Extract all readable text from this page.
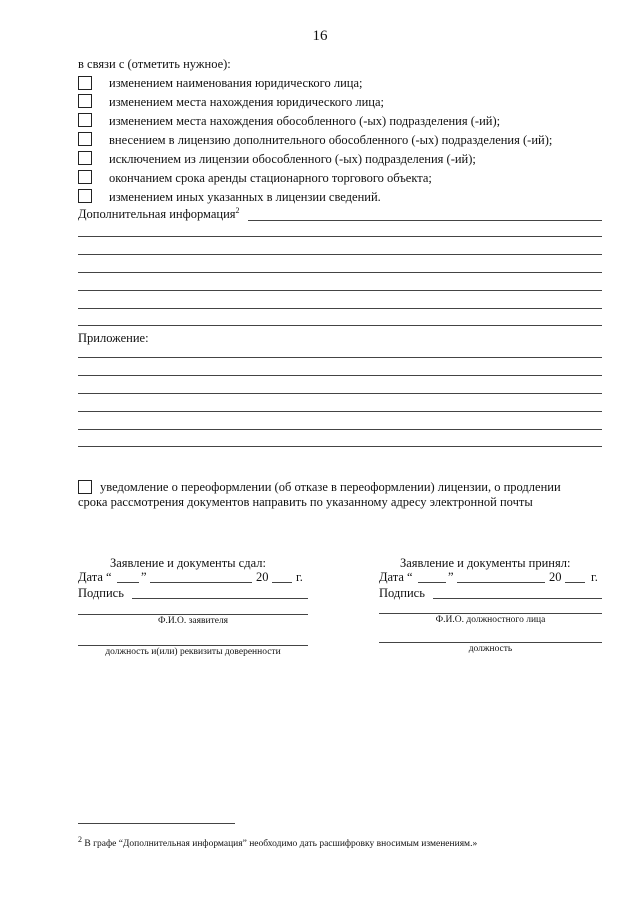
16
в связи с (отметить нужное):
изменением наименования юридического лица;
изменением места нахождения юридического лица;
изменением места нахождения обособленного (-ых) подразделения (-ий);
внесением в лицензию дополнительного обособленного (-ых) подразделения (-ий);
исключением из лицензии обособленного (-ых) подразделения (-ий);
окончанием срока аренды стационарного торгового объекта;
изменением иных указанных в лицензии сведений.
Дополнительная информация$^2$
Приложение:
уведомление о переоформлении (об отказе в переоформлении) лицензии, о продлении
срока рассмотрения документов направить по указанному адресу электронной почты
Заявление и документы сдал:
Дата “ ”	20 г.
Подпись
Ф.И.О. заявителя
должность и(или) реквизиты доверенности
Заявление и документы принял:
Дата “	”	20 г.
Подпись
Ф.И.О. должностного лица
должность
$^2$ В графе “Дополнительная информация” необходимо дать расшифровку вносимым изменениям.»
